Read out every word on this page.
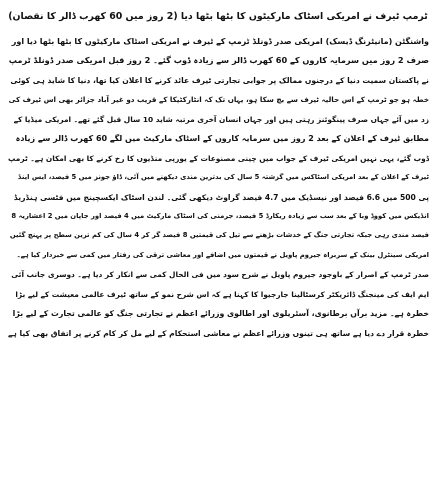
ٹرمپ ٹیرف نے امریکی اسٹاک مارکیٹوں کا بٹھا بٹھا دیا (2 روز میں 60 کھرب ڈالر کا نقصان)
واشنگٹن (مانیٹرنگ ڈیسک) امریکی صدر ڈونلڈ ٹرمپ کے ٹیرف نے امریکی اسٹاک مارکیٹوں کا بٹھا بٹھا دیا اور
صرف 2 روز میں سرمایہ کاروں کے 60 کھرب ڈالر سے زیادہ ڈوب گئے۔ 2 روز قبل امریکی صدر ڈونلڈ ٹرمپ
نے پاکستان سمیت دنیا کے درجنوں ممالک پر جوابی تجارتی ٹیرف عائد کرنے کا اعلان کیا تھا، دنیا کا شاید ہی کوئی
خطہ ہو جو ٹرمپ کے اس حالیہ ٹیرف سے بچ سکا ہو، یہاں تک کہ انٹارکٹیکا کے قریب دو غیر آباد جزائر بھی اس ٹیرف کی
زد میں آئے جہاں صرف پینگوئنز رہتی ہیں اور جہاں انسان آخری مرتبہ شاید 10 سال قبل گئے تھے۔ امریکی میڈیا کے
مطابق ٹیرف کے اعلان کے بعد 2 روز میں سرمایہ کاروں کے اسٹاک مارکیٹ میں لگے 60 کھرب ڈالر سے زیادہ
ڈوب گئے، یہی نہیں امریکی ٹیرف کے جواب میں چینی مصنوعات کے یورپی منڈیوں کا رخ کرنے کا بھی امکان ہے۔ ٹرمپ
ٹیرف کے اعلان کے بعد امریکی اسٹاکس میں گزشتہ 5 سال کی بدترین مندی دیکھنے میں آئی، ڈاؤ جونز میں 5 فیصد، ایس اینڈ
پی 500 میں 6.6 فیصد اور نیسڈیک میں 4.7 فیصد گراوٹ دیکھی گئی۔ لندن اسٹاک ایکسچینج میں فٹسی ہنڈریڈ
انڈیکس میں کووڈ وبا کے بعد سب سے زیادہ ریکارڈ 5 فیصد، جرمنی کی اسٹاک مارکیٹ میں 4 فیصد اور جاپان میں 2 اعشاریہ 8
فیصد مندی رہی جبکہ تجارتی جنگ کے خدشات بڑھنے سے تیل کی قیمتیں 8 فیصد گر کر 4 سال کی کم ترین سطح پر پہنچ گئیں
امریکی سینٹرل بینک کے سربراہ جیروم پاویل نے قیمتوں میں اضافے اور معاشی ترقی کی رفتار میں کمی سے خبردار کیا ہے۔
صدر ٹرمپ کے اصرار کے باوجود جیروم پاویل نے شرح سود میں فی الحال کمی سے انکار کر دیا ہے۔ دوسری جانب آئی
ایم ایف کی مینجنگ ڈائریکٹر کرسٹالینا جارجیوا کا کہنا ہے کہ اس شرح نمو کے ساتھ ٹیرف عالمی معیشت کے لیے بڑا
خطرہ ہے۔ مزید برآں برطانوی، آسٹریلوی اور اطالوی وزرائے اعظم نے تجارتی جنگ کو عالمی تجارت کے لیے بڑا
خطرہ قرار دے دیا ہے ساتھ ہی تینوں وزرائے اعظم نے معاشی استحکام کے لیے مل کر کام کرنے پر اتفاق بھی کیا ہے
